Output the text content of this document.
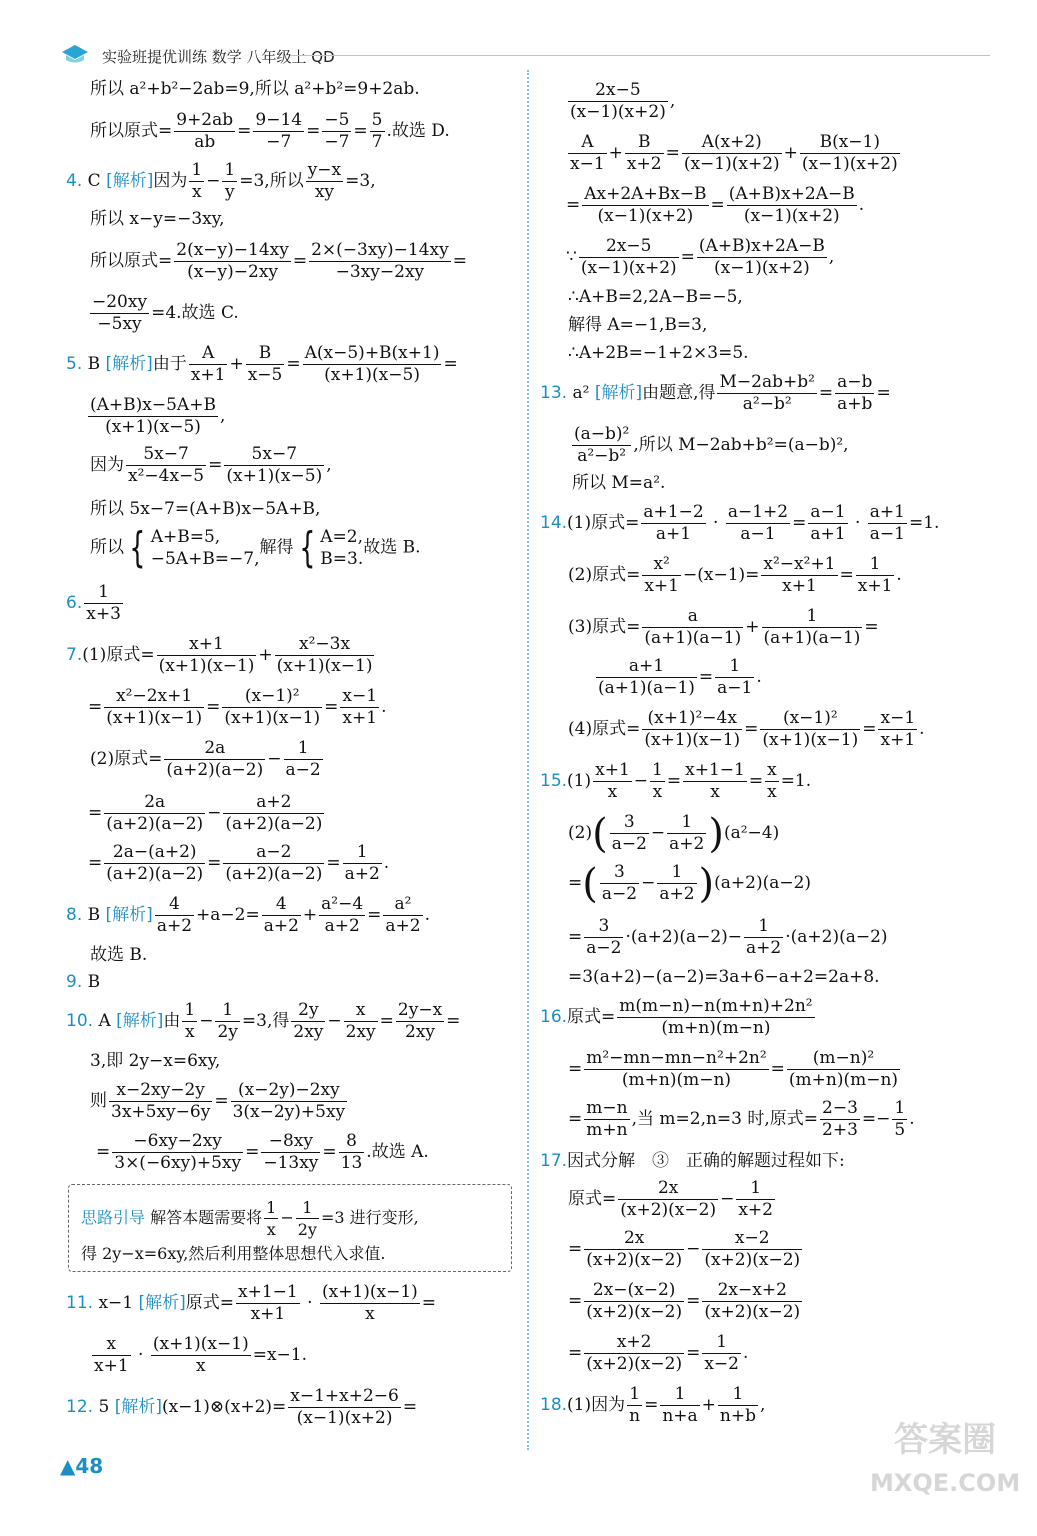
实验班提优训练 数学 八年级上 QD
所以 a²+b²−2ab=9,所以 a²+b²=9+2ab.
所以原式= $\frac{9+2ab}{ab} = \frac{9-14}{-7} = \frac{-5}{-7} = \frac{5}{7}$ .故选 D.
4. C [解析]因为 $\frac{1}{x} - \frac{1}{y} =3$,所以 $\frac{y-x}{xy} =3$,
所以 x−y=−3xy,
所以原式= $\frac{2(x-y)-14xy}{(x-y)-2xy} = \frac{2\times(-3xy)-14xy}{-3xy-2xy}$ =
$\frac{-20xy}{-5xy} =4$.故选 C.
5. B [解析]由于 $\frac{A}{x+1} + \frac{B}{x-5} = \frac{A(x-5)+B(x+1)}{(x+1)(x-5)}$ =
$\frac{(A+B)x-5A+B}{(x+1)(x-5)}$ ,
因为 $\frac{5x-7}{\text{x²−4x−5}} = \frac{5x-7}{(x+1)(x-5)}$ ,
所以 5x−7=(A+B)x−5A+B,
所以 { A+B=5,
−5A+B=−7,解得 { A=2,
B=3.故选 B.
6. $\frac{1}{x+3}$
7.(1)原式= $\frac{x+1}{(x+1)(x-1)} + \frac{\text{x²−3x}}{(x+1)(x-1)}$
= $\frac{\text{x²−2x+1}}{(x+1)(x-1)} = \frac{\text{(x−1)²}}{(x+1)(x-1)} = \frac{x-1}{x+1}$ .
(2)原式= $\frac{2a}{(a+2)(a-2)} - \frac{1}{a-2}$
= $\frac{2a}{(a+2)(a-2)} - \frac{a+2}{(a+2)(a-2)}$
= $\frac{2a-(a+2)}{(a+2)(a-2)} = \frac{a-2}{(a+2)(a-2)} = \frac{1}{a+2}$ .
8. B [解析] $\frac{4}{a+2} +a-2= \frac{4}{a+2} + \frac{\text{a²−4}}{a+2} = \frac{\text{a²}}{a+2}$ .
故选 B.
9. B
10. A [解析]由 $\frac{1}{x} - \frac{1}{2y} =3$,得 $\frac{2y}{2xy} - \frac{x}{2xy} = \frac{2y-x}{2xy}$ =
3,即 2y−x=6xy,
则 $\frac{x-2xy-2y}{3x+5xy-6y} = \frac{(x-2y)-2xy}{3(x-2y)+5xy}$
= $\frac{-6xy-2xy}{3\times(-6xy)+5xy} = \frac{-8xy}{-13xy} = \frac{8}{13}$ .故选 A.
思路引导 解答本题需要将 $\frac{1}{x} - \frac{1}{2y} =3$ 进行变形,
得 2y−x=6xy,然后利用整体思想代入求值.
11. x−1 [解析]原式= $\frac{x+1-1}{x+1} \cdot \frac{(x+1)(x-1)}{x}$ =
$\frac{x}{x+1} \cdot \frac{(x+1)(x-1)}{x} =x-1$.
12. 5 [解析](x−1)⊗(x+2)= $\frac{x-1+x+2-6}{(x-1)(x+2)}$ =
$\frac{2x-5}{(x-1)(x+2)}$ ,
$\frac{A}{x-1} + \frac{B}{x+2} = \frac{A(x+2)}{(x-1)(x+2)} + \frac{B(x-1)}{(x-1)(x+2)}$
= $\frac{Ax+2A+Bx-B}{(x-1)(x+2)} = \frac{(A+B)x+2A-B}{(x-1)(x+2)}$ .
∵ $\frac{2x-5}{(x-1)(x+2)} = \frac{(A+B)x+2A-B}{(x-1)(x+2)}$ ,
∴A+B=2,2A−B=−5,
解得 A=−1,B=3,
∴A+2B=−1+2×3=5.
13. a² [解析]由题意,得 $\frac{\text{M−2ab+b²}}{\text{a²−b²}} = \frac{a-b}{a+b}$ =
$\frac{\text{(a−b)²}}{\text{a²−b²}}$ ,所以 M−2ab+b²=(a−b)²,
所以 M=a².
14.(1)原式= $\frac{a+1-2}{a+1} \cdot \frac{a-1+2}{a-1} = \frac{a-1}{a+1} \cdot \frac{a+1}{a-1} =1$.
(2)原式= $\frac{\text{x²}}{x+1} -(x-1)= \frac{\text{x²−x²+1}}{x+1} = \frac{1}{x+1}$ .
(3)原式= $\frac{a}{(a+1)(a-1)} + \frac{1}{(a+1)(a-1)}$ =
$\frac{a+1}{(a+1)(a-1)} = \frac{1}{a-1}$ .
(4)原式= $\frac{\text{(x+1)²−4x}}{(x+1)(x-1)} = \frac{\text{(x−1)²}}{(x+1)(x-1)} = \frac{x-1}{x+1}$ .
$15.(1) \frac{x+1}{x} - \frac{1}{x} = \frac{x+1-1}{x} = \frac{x}{x} =1$.
$(2)( \frac{3}{a-2} - \frac{1}{a+2} )(a^2-4)$
=( $\frac{3}{a-2} - \frac{1}{a+2} )(a+2)(a-2)$
= $\frac{3}{a-2} \cdot(a+2)(a-2)- \frac{1}{a+2} \cdot(a+2)(a-2)$
=3(a+2)−(a−2)=3a+6−a+2=2a+8.
16.原式= $\frac{\text{m(m−n)−n(m+n)+2n²}}{(m+n)(m-n)}$
= $\frac{\text{m²−mn−mn−n²+2n²}}{(m+n)(m-n)} = \frac{\text{(m−n)²}}{(m+n)(m-n)}$
= $\frac{m-n}{m+n}$ ,当 m=2,n=3 时,原式= $\frac{2-3}{2+3} =- \frac{1}{5}$ .
17.因式分解　 ③　 正确的解题过程如下:
原式= $\frac{2x}{(x+2)(x-2)} - \frac{1}{x+2}$
= $\frac{2x}{(x+2)(x-2)} - \frac{x-2}{(x+2)(x-2)}$
= $\frac{2x-(x-2)}{(x+2)(x-2)} = \frac{2x-x+2}{(x+2)(x-2)}$
= $\frac{x+2}{(x+2)(x-2)} = \frac{1}{x-2}$ .
18.(1)因为 $\frac{1}{n} = \frac{1}{n+a} + \frac{1}{n+b}$ ,
▲48
答案圈
MXQE.COM
